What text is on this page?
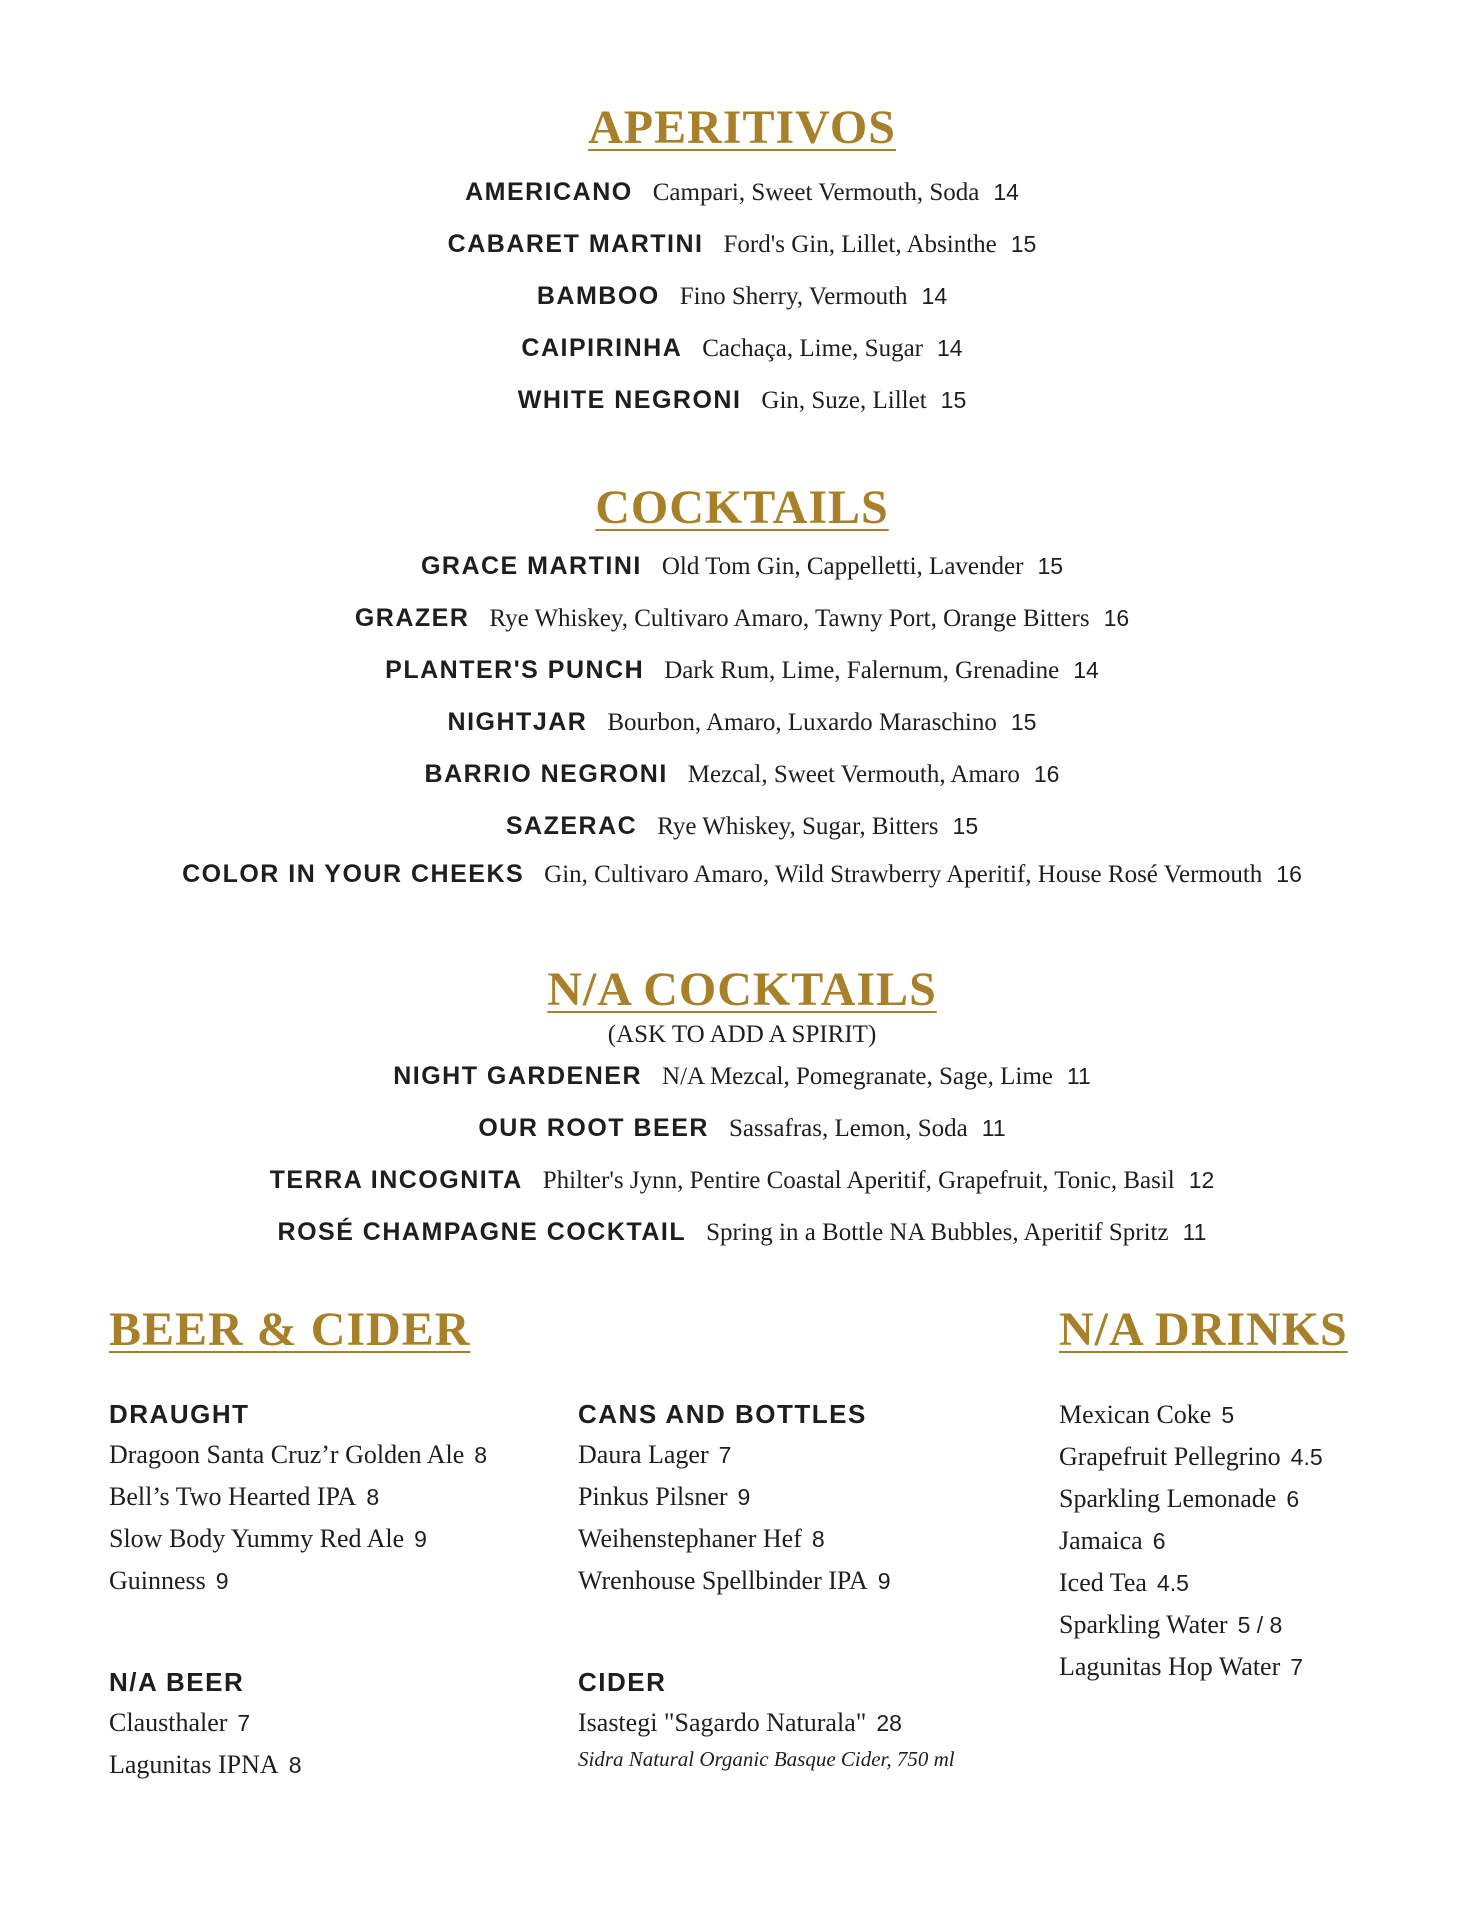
APERITIVOS
AMERICANO Campari, Sweet Vermouth, Soda 14
CABARET MARTINI Ford's Gin, Lillet, Absinthe 15
BAMBOO Fino Sherry, Vermouth 14
CAIPIRINHA Cachaça, Lime, Sugar 14
WHITE NEGRONI Gin, Suze, Lillet 15
COCKTAILS
GRACE MARTINI Old Tom Gin, Cappelletti, Lavender 15
GRAZER Rye Whiskey, Cultivaro Amaro, Tawny Port, Orange Bitters 16
PLANTER'S PUNCH Dark Rum, Lime, Falernum, Grenadine 14
NIGHTJAR Bourbon, Amaro, Luxardo Maraschino 15
BARRIO NEGRONI Mezcal, Sweet Vermouth, Amaro 16
SAZERAC Rye Whiskey, Sugar, Bitters 15
COLOR IN YOUR CHEEKS Gin, Cultivaro Amaro, Wild Strawberry Aperitif, House Rosé Vermouth 16
N/A COCKTAILS

(ASK TO ADD A SPIRIT)

NIGHT GARDENER N/A Mezcal, Pomegranate, Sage, Lime 11
OUR ROOT BEER Sassafras, Lemon, Soda 11
TERRA INCOGNITA Philter's Jynn, Pentire Coastal Aperitif, Grapefruit, Tonic, Basil 12
ROSÉ CHAMPAGNE COCKTAIL Spring in a Bottle NA Bubbles, Aperitif Spritz 11
BEER & CIDER	N/A DRINKS
DRAUGHT

Dragoon Santa Cruz’r Golden Ale 8

Bell’s Two Hearted IPA 8

Slow Body Yummy Red Ale 9

Guinness 9

CANS AND BOTTLES

Daura Lager 7

Pinkus Pilsner 9

Weihenstephaner Hef 8

Wrenhouse Spellbinder IPA 9

Mexican Coke 5

Grapefruit Pellegrino 4.5

Sparkling Lemonade 6

Jamaica 6

Iced Tea 4.5

Sparkling Water 5 / 8

Lagunitas Hop Water 7

N/A BEER

Clausthaler 7

Lagunitas IPNA 8

CIDER

Isastegi "Sagardo Naturala" 28

Sidra Natural Organic Basque Cider, 750 ml
